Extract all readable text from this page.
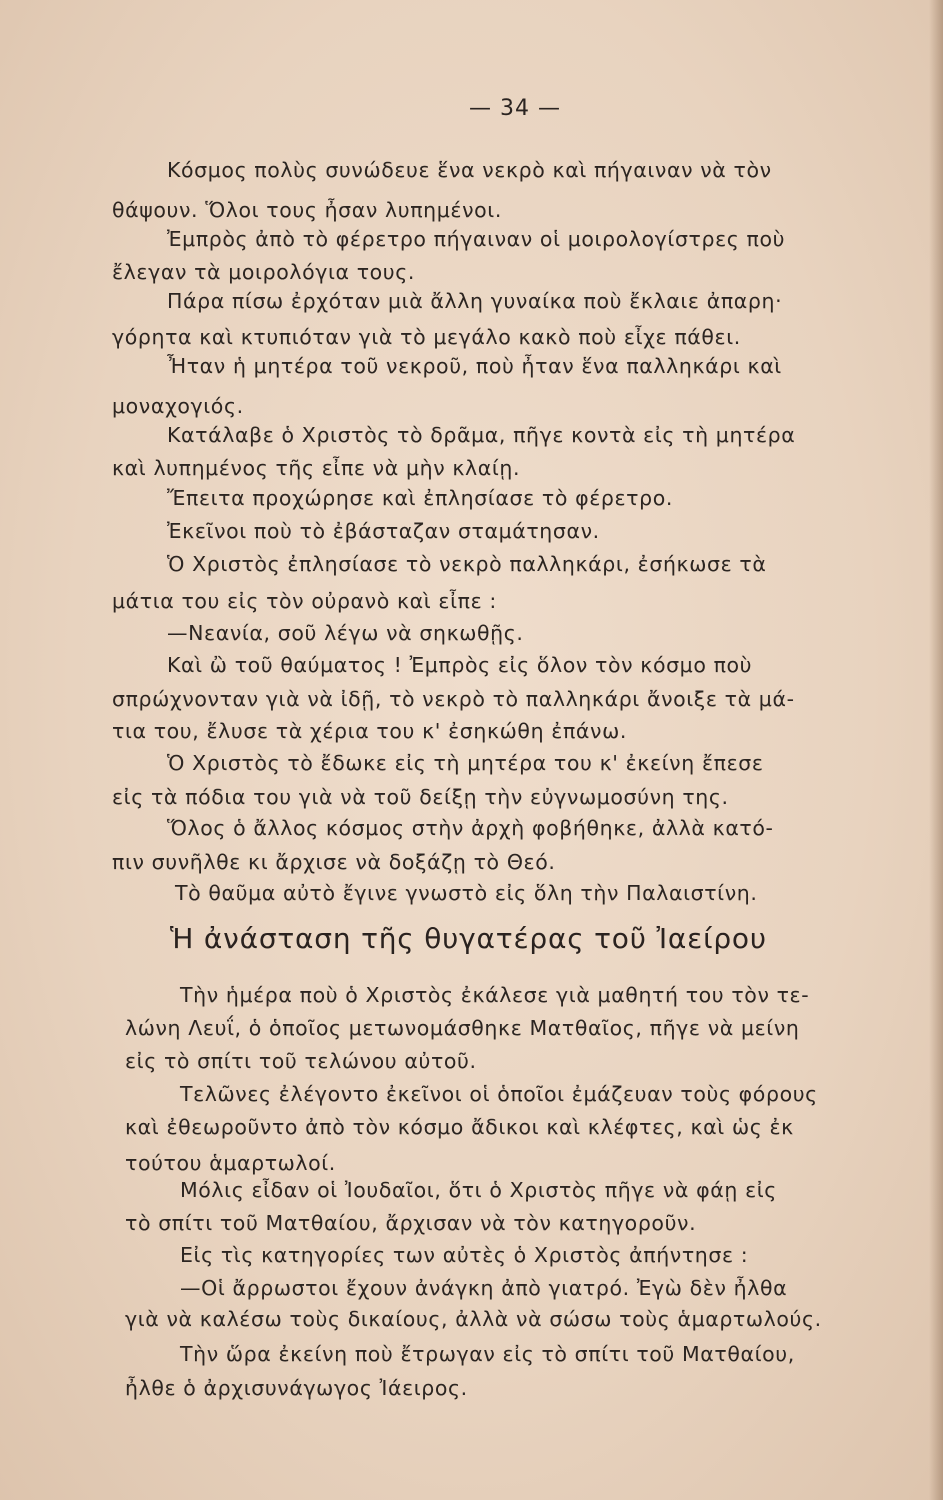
— 34 —
Κόσμος πολὺς συνώδευε ἕνα νεκρὸ καὶ πήγαιναν νὰ τὸν
θάψουν. Ὅλοι τους ἦσαν λυπημένοι.
Ἐμπρὸς ἀπὸ τὸ φέρετρο πήγαιναν οἱ μοιρολογίστρες ποὺ
ἔλεγαν τὰ μοιρολόγια τους.
Πάρα πίσω ἐρχόταν μιὰ ἄλλη γυναίκα ποὺ ἔκλαιε ἀπαρη·
γόρητα καὶ κτυπιόταν γιὰ τὸ μεγάλο κακὸ ποὺ εἶχε πάθει.
Ἦταν ἡ μητέρα τοῦ νεκροῦ, ποὺ ἦταν ἕνα παλληκάρι καὶ
μοναχογιός.
Κατάλαβε ὁ Χριστὸς τὸ δρᾶμα, πῆγε κοντὰ εἰς τὴ μητέρα
καὶ λυπημένος τῆς εἶπε νὰ μὴν κλαίῃ.
Ἔπειτα προχώρησε καὶ ἐπλησίασε τὸ φέρετρο.
Ἐκεῖνοι ποὺ τὸ ἐβάσταζαν σταμάτησαν.
Ὁ Χριστὸς ἐπλησίασε τὸ νεκρὸ παλληκάρι, ἐσήκωσε τὰ
μάτια του εἰς τὸν οὐρανὸ καὶ εἶπε :
—Νεανία, σοῦ λέγω νὰ σηκωθῇς.
Καὶ ὢ τοῦ θαύματος ! Ἐμπρὸς εἰς ὅλον τὸν κόσμο ποὺ
σπρώχνονταν γιὰ νὰ ἰδῇ, τὸ νεκρὸ τὸ παλληκάρι ἄνοιξε τὰ μά-
τια του, ἔλυσε τὰ χέρια του κ' ἐσηκώθη ἐπάνω.
Ὁ Χριστὸς τὸ ἔδωκε εἰς τὴ μητέρα του κ' ἐκείνη ἔπεσε
εἰς τὰ πόδια του γιὰ νὰ τοῦ δείξῃ τὴν εὐγνωμοσύνη της.
Ὅλος ὁ ἄλλος κόσμος στὴν ἀρχὴ φοβήθηκε, ἀλλὰ κατό-
πιν συνῆλθε κι ἄρχισε νὰ δοξάζῃ τὸ Θεό.
Τὸ θαῦμα αὐτὸ ἔγινε γνωστὸ εἰς ὅλη τὴν Παλαιστίνη.
Ἡ ἀνάσταση τῆς θυγατέρας τοῦ Ἰαείρου
Τὴν ἡμέρα ποὺ ὁ Χριστὸς ἐκάλεσε γιὰ μαθητή του τὸν τε-
λώνη Λευΐ, ὁ ὁποῖος μετωνομάσθηκε Ματθαῖος, πῆγε νὰ μείνη
εἰς τὸ σπίτι τοῦ τελώνου αὐτοῦ.
Τελῶνες ἐλέγοντο ἐκεῖνοι οἱ ὁποῖοι ἐμάζευαν τοὺς φόρους
καὶ ἐθεωροῦντο ἀπὸ τὸν κόσμο ἄδικοι καὶ κλέφτες, καὶ ὡς ἐκ
τούτου ἁμαρτωλοί.
Μόλις εἶδαν οἱ Ἰουδαῖοι, ὅτι ὁ Χριστὸς πῆγε νὰ φάῃ εἰς
τὸ σπίτι τοῦ Ματθαίου, ἄρχισαν νὰ τὸν κατηγοροῦν.
Εἰς τὶς κατηγορίες των αὐτὲς ὁ Χριστὸς ἀπήντησε :
—Οἱ ἄρρωστοι ἔχουν ἀνάγκη ἀπὸ γιατρό. Ἐγὼ δὲν ἦλθα
γιὰ νὰ καλέσω τοὺς δικαίους, ἀλλὰ νὰ σώσω τοὺς ἁμαρτωλούς.
Τὴν ὥρα ἐκείνη ποὺ ἔτρωγαν εἰς τὸ σπίτι τοῦ Ματθαίου,
ἦλθε ὁ ἀρχισυνάγωγος Ἰάειρος.
